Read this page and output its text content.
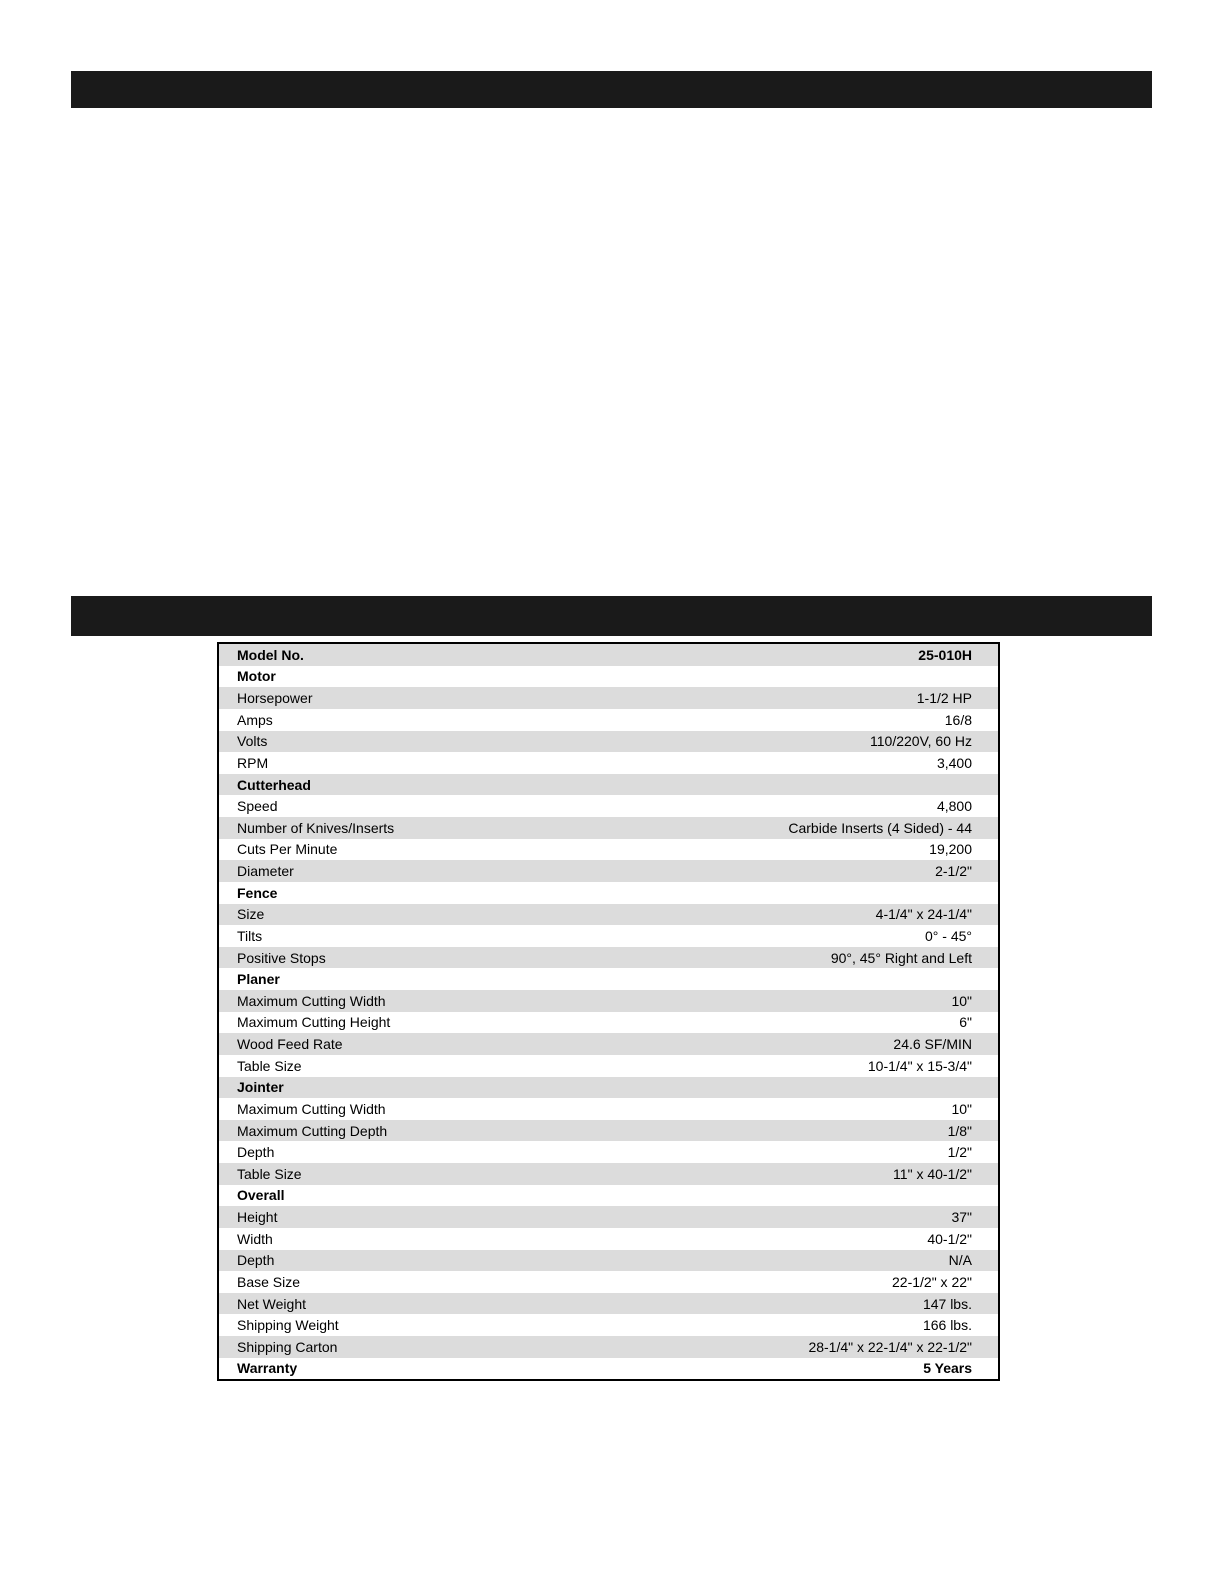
Model No.	25-010H
Motor
Horsepower	1-1/2 HP
Amps	16/8
Volts	110/220V, 60 Hz
RPM	3,400
Cutterhead
Speed	4,800
Number of Knives/Inserts	Carbide Inserts (4 Sided) - 44
Cuts Per Minute	19,200
Diameter	2-1/2"
Fence
Size	4-1/4" x 24-1/4"
Tilts	0° - 45°
Positive Stops	90°, 45° Right and Left
Planer
Maximum Cutting Width	10"
Maximum Cutting Height	6"
Wood Feed Rate	24.6 SF/MIN
Table Size	10-1/4" x 15-3/4"
Jointer
Maximum Cutting Width	10"
Maximum Cutting Depth	1/8"
Depth	1/2"
Table Size	11" x 40-1/2"
Overall
Height	37"
Width	40-1/2"
Depth	N/A
Base Size	22-1/2" x 22"
Net Weight	147 lbs.
Shipping Weight	166 lbs.
Shipping Carton	28-1/4" x 22-1/4" x 22-1/2"
Warranty	5 Years
